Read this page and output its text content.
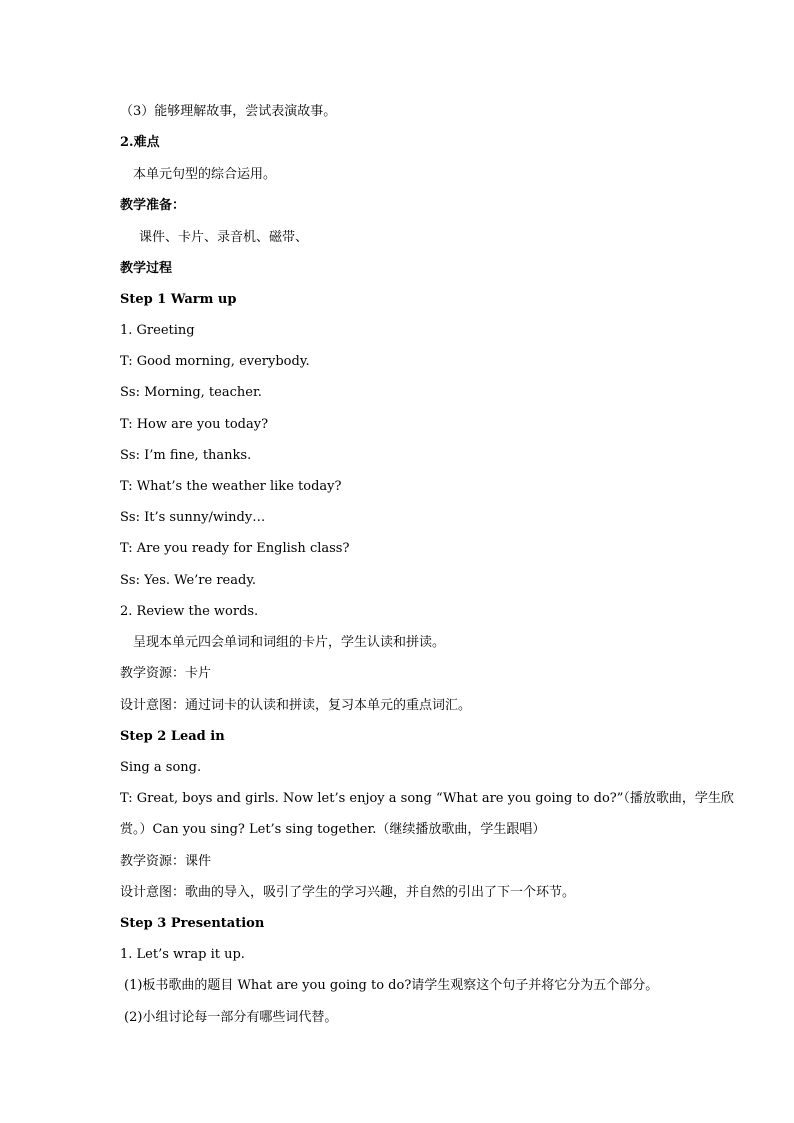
（3）能够理解故事，尝试表演故事。
2.难点
本单元句型的综合运用。
教学准备：
课件、卡片、录音机、磁带、
教学过程
Step 1 Warm up
1. Greeting
T: Good morning, everybody.
Ss: Morning, teacher.
T: How are you today?
Ss: I’m fine, thanks.
T: What’s the weather like today?
Ss: It’s sunny/windy…
T: Are you ready for English class?
Ss: Yes. We’re ready.
2. Review the words.
呈现本单元四会单词和词组的卡片，学生认读和拼读。
教学资源：卡片
设计意图：通过词卡的认读和拼读，复习本单元的重点词汇。
Step 2 Lead in
Sing a song.
T: Great, boys and girls. Now let’s enjoy a song “What are you going to do?”（播放歌曲，学生欣
赏。）Can you sing? Let’s sing together.（继续播放歌曲，学生跟唱）
教学资源：课件
设计意图：歌曲的导入，吸引了学生的学习兴趣，并自然的引出了下一个环节。
Step 3 Presentation
1. Let’s wrap it up.
(1)板书歌曲的题目 What are you going to do?请学生观察这个句子并将它分为五个部分。
(2)小组讨论每一部分有哪些词代替。
